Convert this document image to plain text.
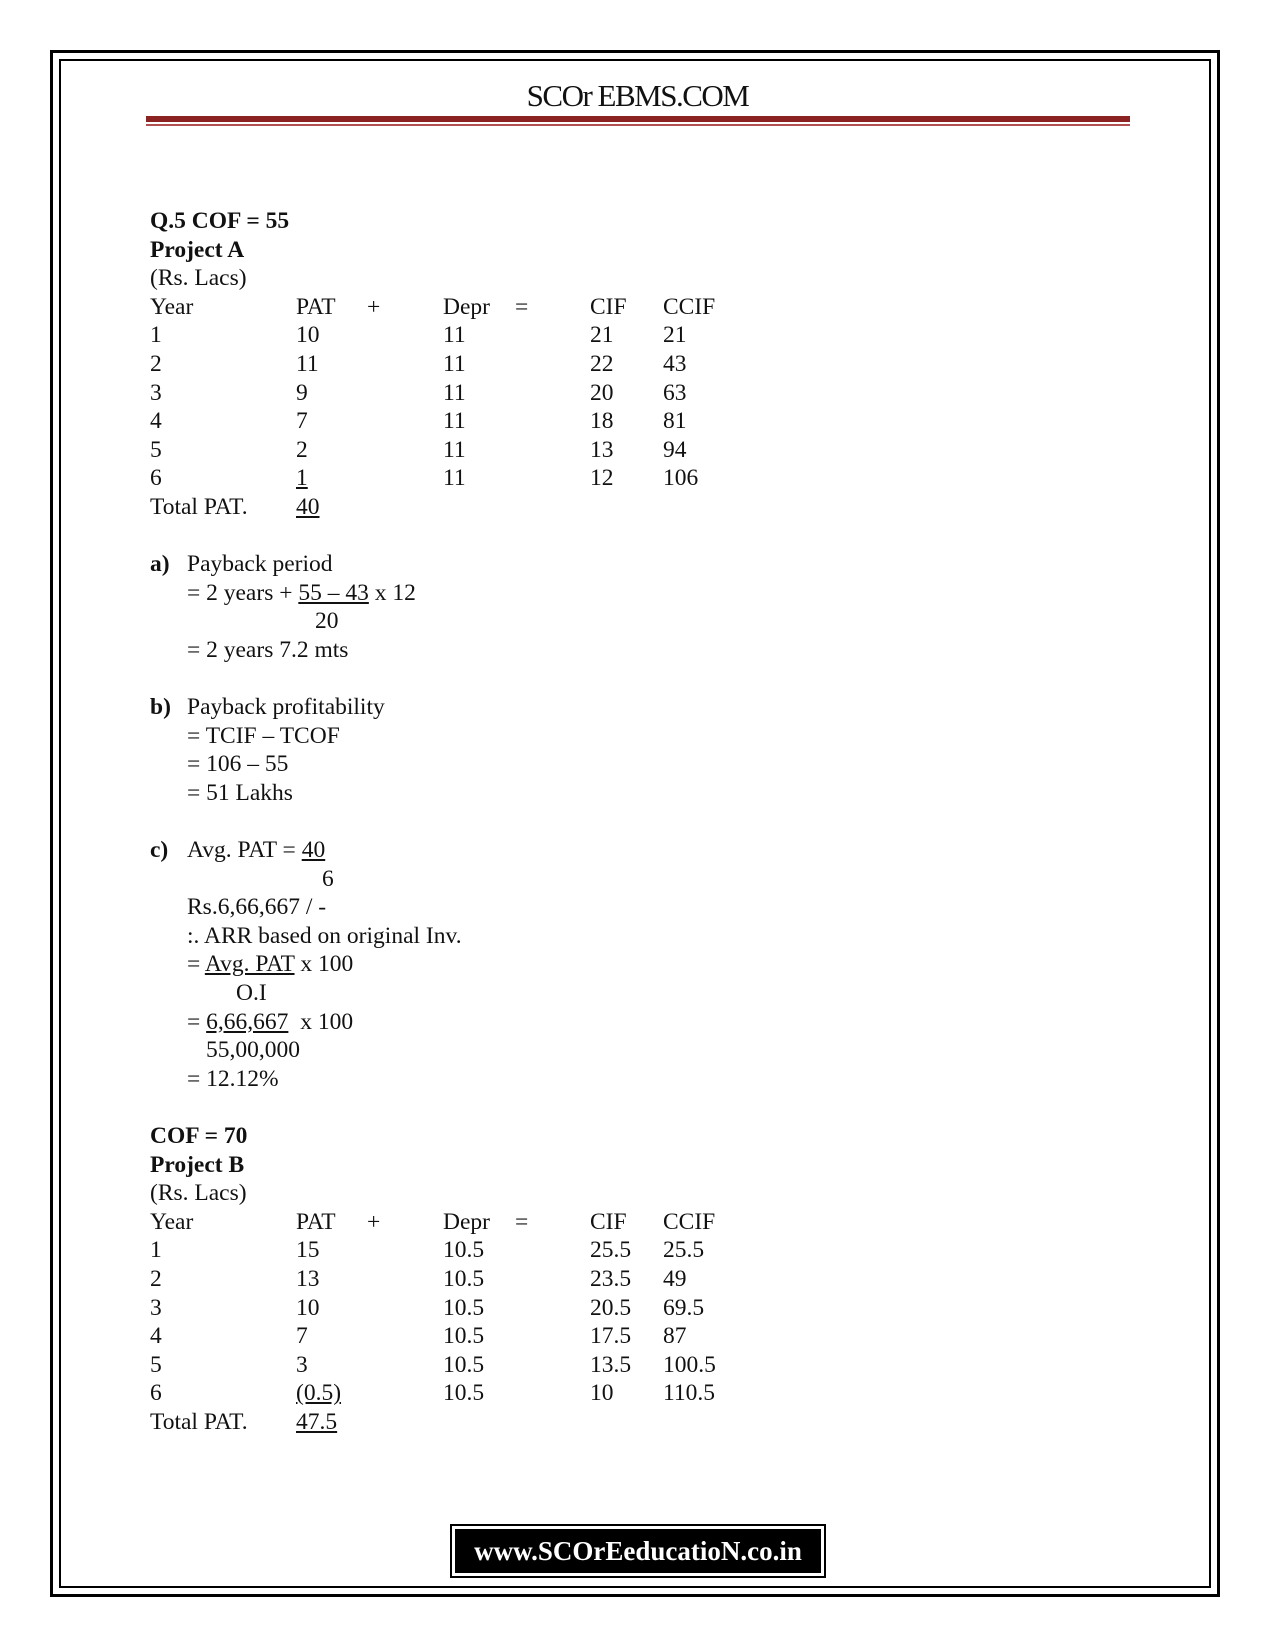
SCOr EBMS.COM
Q.5 COF = 55
Project A
(Rs. Lacs)
Year	PAT +	Depr =	CIF CCIF
1	10	11	21 21
2	11	11	22 43
3	9	11	20 63
4	7	11	18 81
5	2	11	13 94
6	1	11	12 106
Total PAT. 40
a) Payback period
= 2 years + 55 – 43 x 12
20
= 2 years 7.2 mts
b) Payback profitability
= TCIF – TCOF
= 106 – 55
= 51 Lakhs
c) Avg. PAT = 40
6
Rs.6,66,667 / -
:. ARR based on original Inv.
= Avg. PAT x 100
O.I
= 6,66,667 x 100
55,00,000
= 12.12%
COF = 70
Project B
(Rs. Lacs)
Year	PAT +	Depr =	CIF CCIF
1	15	10.5	25.5 25.5
2	13	10.5	23.5 49
3	10	10.5	20.5 69.5
4	7	10.5	17.5 87
5	3	10.5	13.5 100.5
6	(0.5)	10.5	10 110.5
Total PAT. 47.5
www.SCOrEeducatioN.co.in
